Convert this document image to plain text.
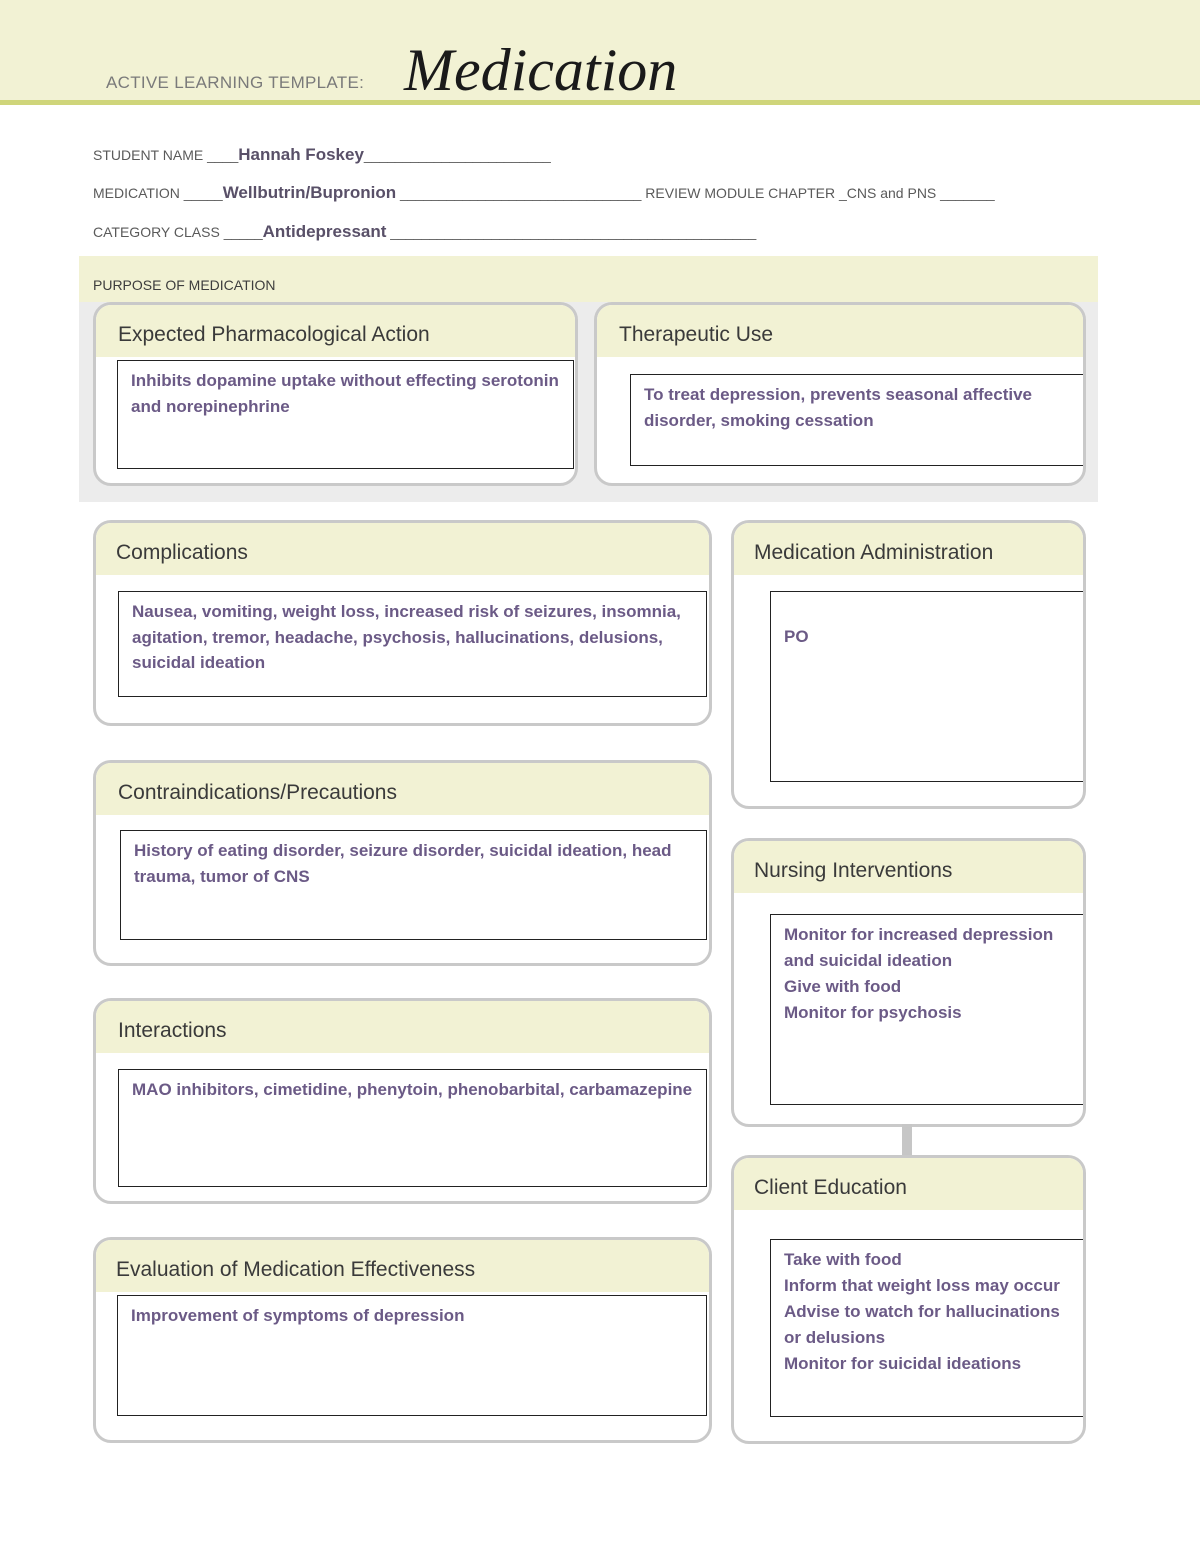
ACTIVE LEARNING TEMPLATE: Medication
STUDENT NAME ____Hannah Foskey________________________
MEDICATION _____Wellbutrin/Bupronion _______________________________ REVIEW MODULE CHAPTER _CNS and PNS _______
CATEGORY CLASS _____Antidepressant _______________________________________________
PURPOSE OF MEDICATION
Expected Pharmacological Action
Inhibits dopamine uptake without effecting serotonin and norepinephrine
Therapeutic Use
To treat depression, prevents seasonal affective disorder, smoking cessation
Complications
Nausea, vomiting, weight loss, increased risk of seizures, insomnia, agitation, tremor, headache, psychosis, hallucinations, delusions, suicidal ideation
Contraindications/Precautions
History of eating disorder, seizure disorder, suicidal ideation, head trauma, tumor of CNS
Interactions
MAO inhibitors, cimetidine, phenytoin, phenobarbital, carbamazepine
Evaluation of Medication Effectiveness
Improvement of symptoms of depression
Medication Administration
PO
Nursing Interventions

Monitor for increased depression and suicidal ideation

Give with food

Monitor for psychosis

Client Education

Take with food

Inform that weight loss may occur

Advise to watch for hallucinations or delusions

Monitor for suicidal ideations
